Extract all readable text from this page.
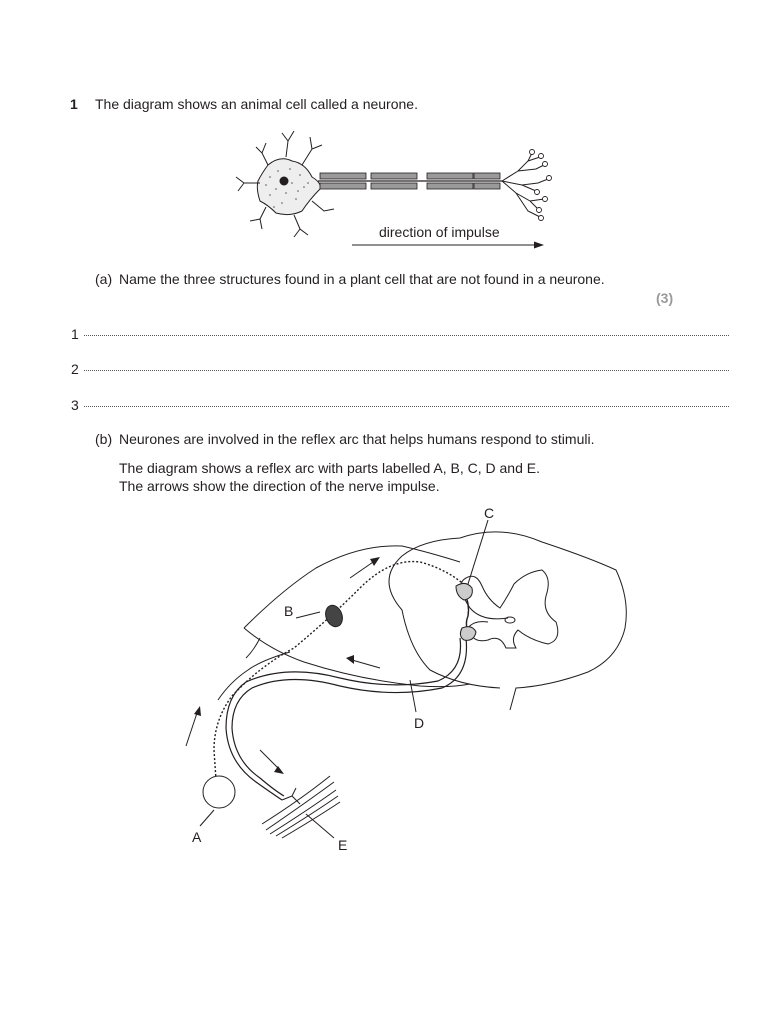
1 The diagram shows an animal cell called a neurone.
direction of impulse
(a) Name the three structures found in a plant cell that are not found in a neurone.
(3)
1
2
3
(b) Neurones are involved in the reflex arc that helps humans respond to stimuli.
The diagram shows a reflex arc with parts labelled A, B, C, D and E.
The arrows show the direction of the nerve impulse.
C
B
D
A	E
